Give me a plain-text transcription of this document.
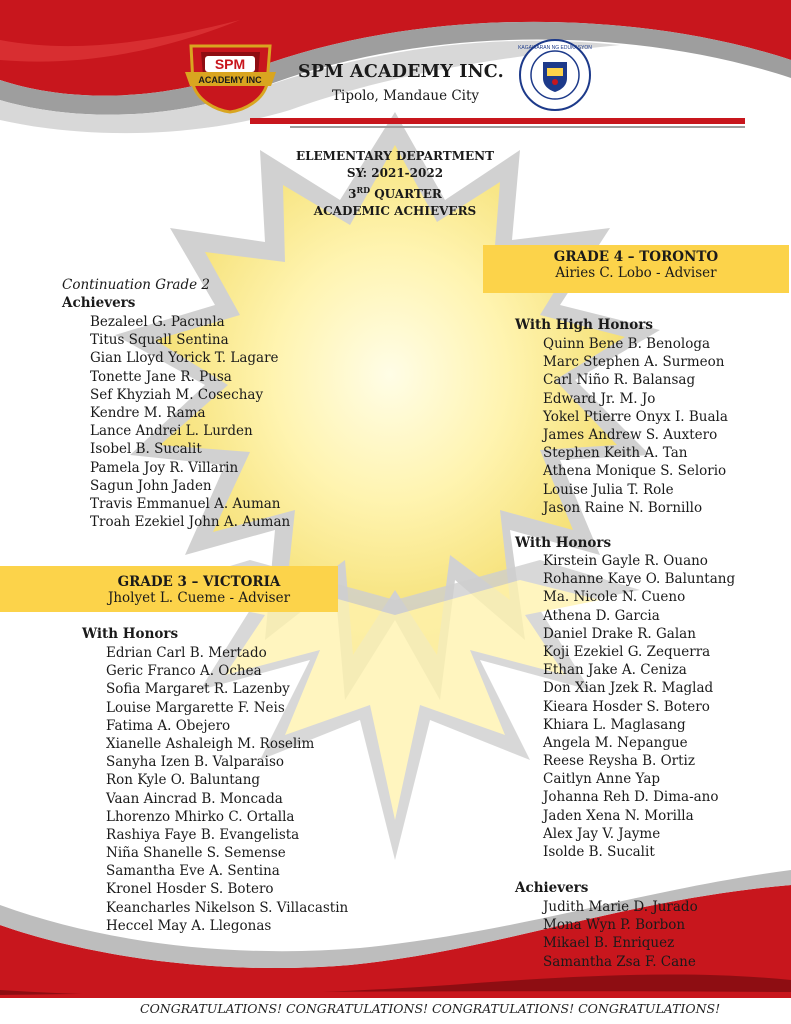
SPM
ACADEMY INC
KAGAWARAN NG EDUKASYON
SPM ACADEMY INC.
Tipolo, Mandaue City
ELEMENTARY DEPARTMENT
SY: 2021-2022
3RD QUARTER
ACADEMIC ACHIEVERS
Continuation Grade 2
Achievers
Bezaleel G. Pacunla
Titus Squall Sentina
Gian Lloyd Yorick T. Lagare
Tonette Jane R. Pusa
Sef Khyziah M. Cosechay
Kendre M. Rama
Lance Andrei L. Lurden
Isobel B. Sucalit
Pamela Joy R. Villarin
Sagun John Jaden
Travis Emmanuel A. Auman
Troah Ezekiel John A. Auman
GRADE 3 – VICTORIA
Jholyet L. Cueme - Adviser
With Honors
Edrian Carl B. Mertado
Geric Franco A. Ochea
Sofia Margaret R. Lazenby
Louise Margarette F. Neis
Fatima A. Obejero
Xianelle Ashaleigh M. Roselim
Sanyha Izen B. Valparaiso
Ron Kyle O. Baluntang
Vaan Aincrad B. Moncada
Lhorenzo Mhirko C. Ortalla
Rashiya Faye B. Evangelista
Niña Shanelle S. Semense
Samantha Eve A. Sentina
Kronel Hosder S. Botero
Keancharles Nikelson S. Villacastin
Heccel May A. Llegonas
GRADE 4 – TORONTO
Airies C. Lobo - Adviser
With High Honors
Quinn Bene B. Benologa
Marc Stephen A. Surmeon
Carl Niño R. Balansag
Edward Jr. M. Jo
Yokel Ptierre Onyx I. Buala
James Andrew S. Auxtero
Stephen Keith A. Tan
Athena Monique S. Selorio
Louise Julia T. Role
Jason Raine N. Bornillo
With Honors
Kirstein Gayle R. Ouano
Rohanne Kaye O. Baluntang
Ma. Nicole N. Cueno
Athena D. Garcia
Daniel Drake R. Galan
Koji Ezekiel G. Zequerra
Ethan Jake A. Ceniza
Don Xian Jzek R. Maglad
Kieara Hosder S. Botero
Khiara L. Maglasang
Angela M. Nepangue
Reese Reysha B. Ortiz
Caitlyn Anne Yap
Johanna Reh D. Dima-ano
Jaden Xena N. Morilla
Alex Jay V. Jayme
Isolde B. Sucalit
Achievers
Judith Marie D. Jurado
Mona Wyn P. Borbon
Mikael B. Enriquez
Samantha Zsa F. Cane
CONGRATULATIONS! CONGRATULATIONS! CONGRATULATIONS! CONGRATULATIONS!
